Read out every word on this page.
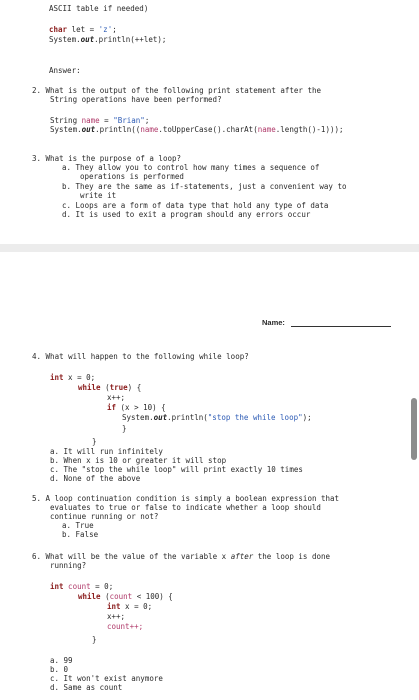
ASCII table if needed)
char let = 'z';
System.out.println(++let);
Answer:
2. What is the output of the following print statement after the
String operations have been performed?
String name = "Brian";
System.out.println((name.toUpperCase().charAt(name.length()-1)));
3. What is the purpose of a loop?
a. They allow you to control how many times a sequence of
operations is performed
b. They are the same as if-statements, just a convenient way to
write it
c. Loops are a form of data type that hold any type of data
d. It is used to exit a program should any errors occur
Name:
4. What will happen to the following while loop?
int x = 0;
while (true) {
x++;
if (x > 10) {
System.out.println("stop the while loop");
}
}
a. It will run infinitely
b. When x is 10 or greater it will stop
c. The "stop the while loop" will print exactly 10 times
d. None of the above
5. A loop continuation condition is simply a boolean expression that
evaluates to true or false to indicate whether a loop should
continue running or not?
a. True
b. False
6. What will be the value of the variable x after the loop is done
running?
int count = 0;
while (count < 100) {
int x = 0;
x++;
count++;
}
a. 99
b. 0
c. It won't exist anymore
d. Same as count
